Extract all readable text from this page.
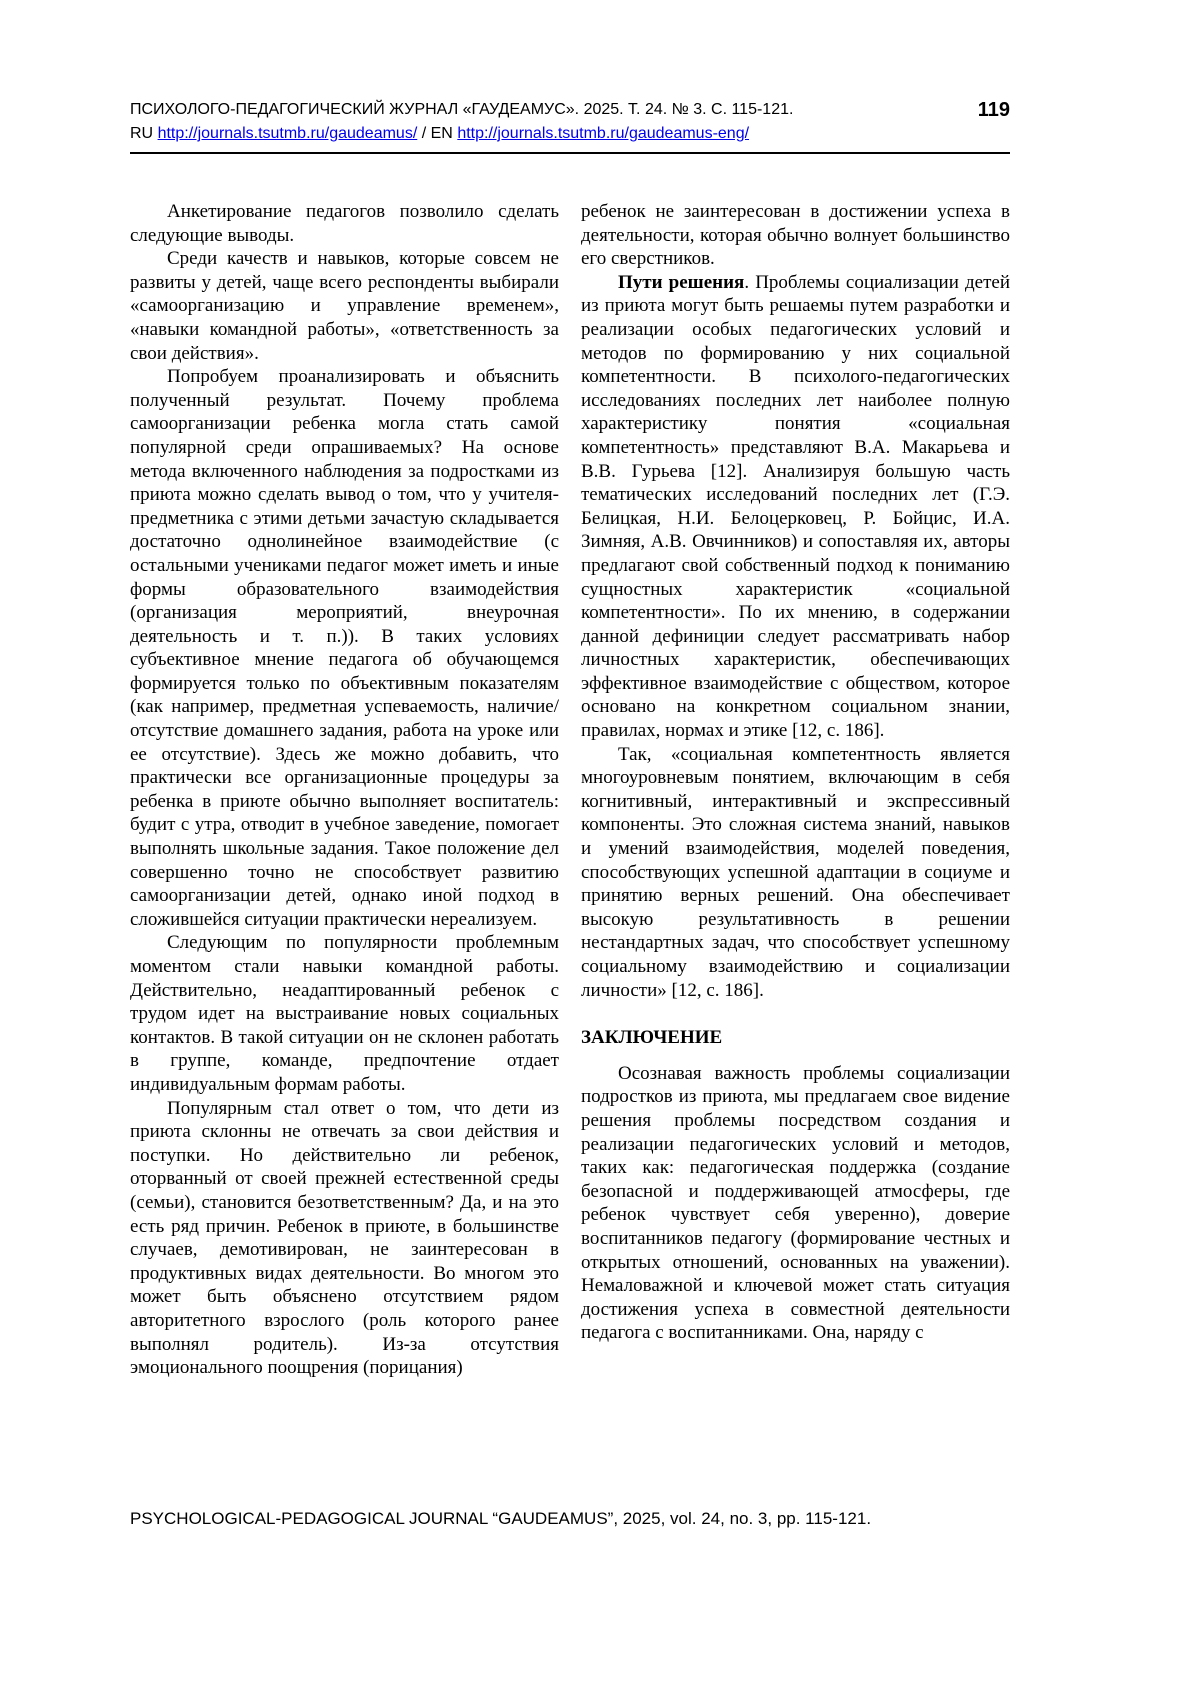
ПСИХОЛОГО-ПЕДАГОГИЧЕСКИЙ ЖУРНАЛ «ГАУДЕАМУС». 2025. Т. 24. № 3. С. 115-121.	119
RU http://journals.tsutmb.ru/gaudeamus/ / EN http://journals.tsutmb.ru/gaudeamus-eng/

Анкетирование педагогов позволило сделать следующие выводы.

Среди качеств и навыков, которые совсем не развиты у детей, чаще всего респонденты выбирали «самоорганизацию и управление временем», «навыки командной работы», «ответственность за свои действия».

Попробуем проанализировать и объяснить полученный результат. Почему проблема самоорганизации ребенка могла стать самой популярной среди опрашиваемых? На основе метода включенного наблюдения за подростками из приюта можно сделать вывод о том, что у учителя-предметника с этими детьми зачастую складывается достаточно однолинейное взаимодействие (с остальными учениками педагог может иметь и иные формы образовательного взаимодействия (организация мероприятий, внеурочная деятельность и т. п.)). В таких условиях субъективное мнение педагога об обучающемся формируется только по объективным показателям (как например, предметная успеваемость, наличие/отсутствие домашнего задания, работа на уроке или ее отсутствие). Здесь же можно добавить, что практически все организационные процедуры за ребенка в приюте обычно выполняет воспитатель: будит с утра, отводит в учебное заведение, помогает выполнять школьные задания. Такое положение дел совершенно точно не способствует развитию самоорганизации детей, однако иной подход в сложившейся ситуации практически нереализуем.

Следующим по популярности проблемным моментом стали навыки командной работы. Действительно, неадаптированный ребенок с трудом идет на выстраивание новых социальных контактов. В такой ситуации он не склонен работать в группе, команде, предпочтение отдает индивидуальным формам работы.

Популярным стал ответ о том, что дети из приюта склонны не отвечать за свои действия и поступки. Но действительно ли ребенок, оторванный от своей прежней естественной среды (семьи), становится безответственным? Да, и на это есть ряд причин. Ребенок в приюте, в большинстве случаев, демотивирован, не заинтересован в продуктивных видах деятельности. Во многом это может быть объяснено отсутствием рядом авторитетного взрослого (роль которого ранее выполнял родитель). Из-за отсутствия эмоционального поощрения (порицания)

ребенок не заинтересован в достижении успеха в деятельности, которая обычно волнует большинство его сверстников.

Пути решения. Проблемы социализации детей из приюта могут быть решаемы путем разработки и реализации особых педагогических условий и методов по формированию у них социальной компетентности. В психолого-педагогических исследованиях последних лет наиболее полную характеристику понятия «социальная компетентность» представляют В.А. Макарьева и В.В. Гурьева [12]. Анализируя большую часть тематических исследований последних лет (Г.Э. Белицкая, Н.И. Белоцерковец, Р. Бойцис, И.А. Зимняя, А.В. Овчинников) и сопоставляя их, авторы предлагают свой собственный подход к пониманию сущностных характеристик «социальной компетентности». По их мнению, в содержании данной дефиниции следует рассматривать набор личностных характеристик, обеспечивающих эффективное взаимодействие с обществом, которое основано на конкретном социальном знании, правилах, нормах и этике [12, с. 186].

Так, «социальная компетентность является многоуровневым понятием, включающим в себя когнитивный, интерактивный и экспрессивный компоненты. Это сложная система знаний, навыков и умений взаимодействия, моделей поведения, способствующих успешной адаптации в социуме и принятию верных решений. Она обеспечивает высокую результативность в решении нестандартных задач, что способствует успешному социальному взаимодействию и социализации личности» [12, с. 186].

ЗАКЛЮЧЕНИЕ

Осознавая важность проблемы социализации подростков из приюта, мы предлагаем свое видение решения проблемы посредством создания и реализации педагогических условий и методов, таких как: педагогическая поддержка (создание безопасной и поддерживающей атмосферы, где ребенок чувствует себя уверенно), доверие воспитанников педагогу (формирование честных и открытых отношений, основанных на уважении). Немаловажной и ключевой может стать ситуация достижения успеха в совместной деятельности педагога с воспитанниками. Она, наряду с

PSYCHOLOGICAL-PEDAGOGICAL JOURNAL “GAUDEAMUS”, 2025, vol. 24, no. 3, pp. 115-121.
